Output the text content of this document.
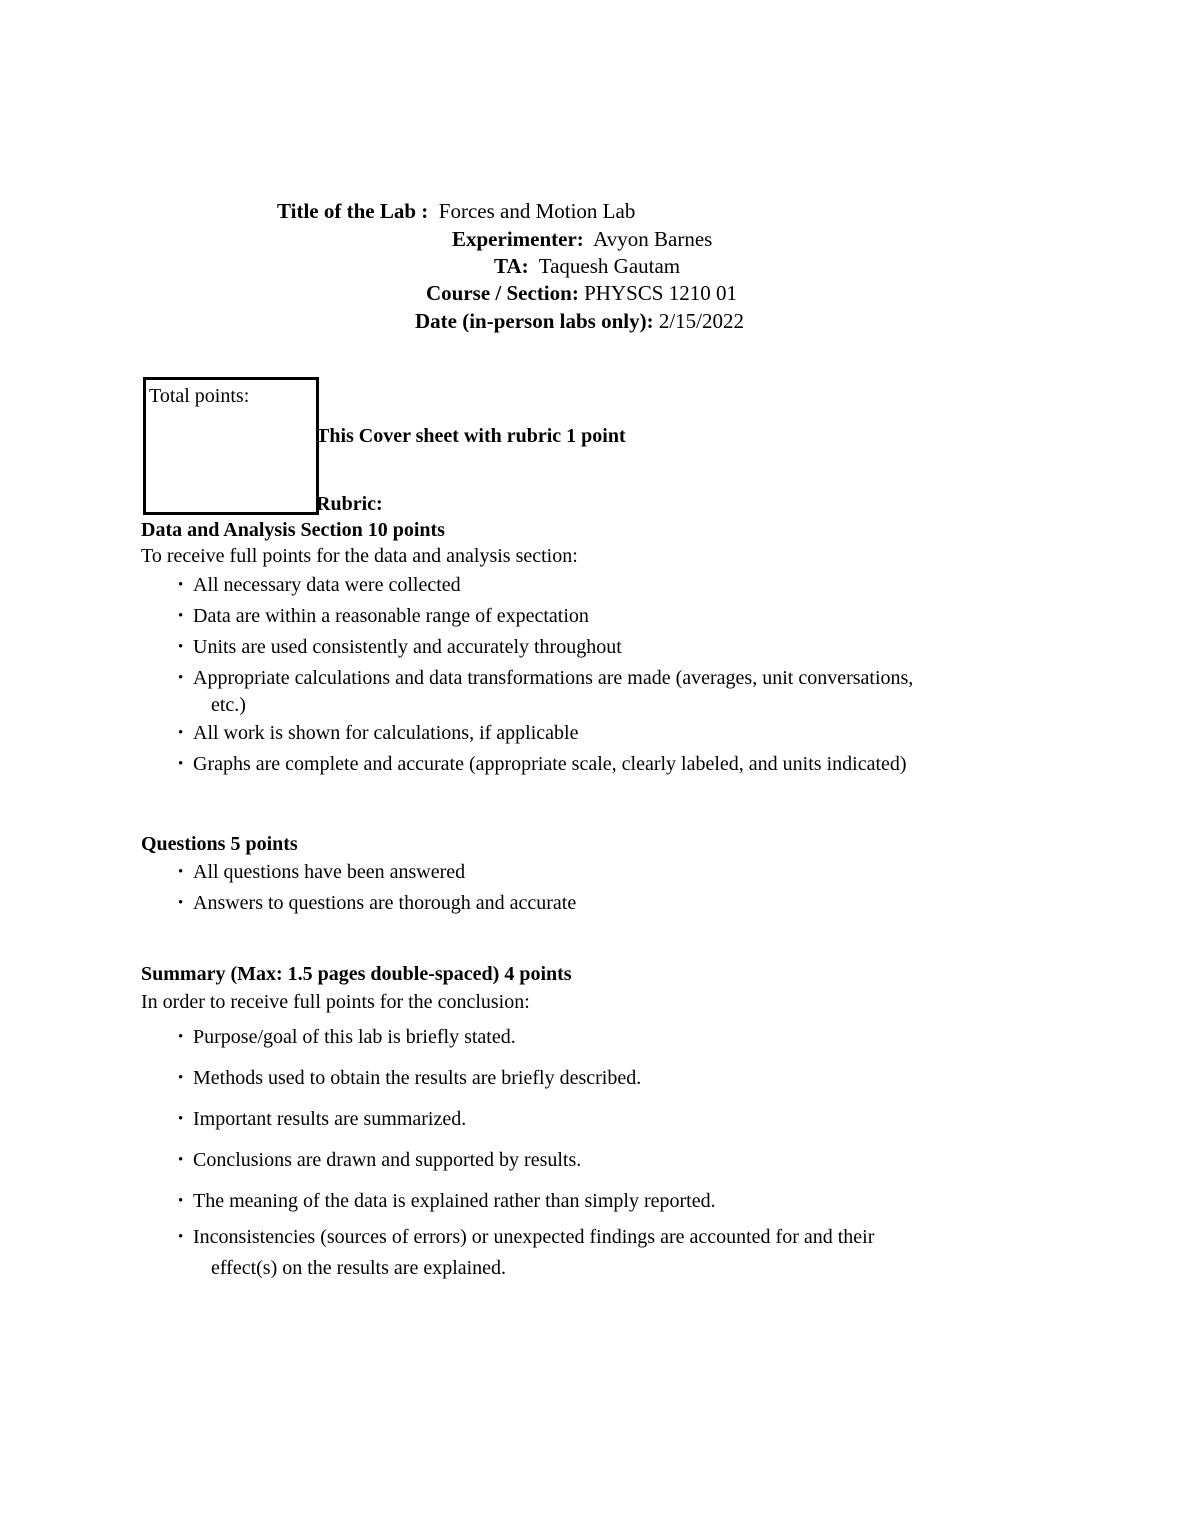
Title of the Lab : Forces and Motion Lab
Experimenter: Avyon Barnes
TA: Taquesh Gautam
Course / Section: PHYSCS 1210 01
Date (in-person labs only): 2/15/2022
Total points:
This Cover sheet with rubric 1 point
Rubric:
Data and Analysis Section 10 points
To receive full points for the data and analysis section:
• All necessary data were collected
• Data are within a reasonable range of expectation
• Units are used consistently and accurately throughout
• Appropriate calculations and data transformations are made (averages, unit conversations,
etc.)
• All work is shown for calculations, if applicable
• Graphs are complete and accurate (appropriate scale, clearly labeled, and units indicated)
Questions 5 points
• All questions have been answered
• Answers to questions are thorough and accurate
Summary (Max: 1.5 pages double-spaced) 4 points
In order to receive full points for the conclusion:
• Purpose/goal of this lab is briefly stated.
• Methods used to obtain the results are briefly described.
• Important results are summarized.
• Conclusions are drawn and supported by results.
• The meaning of the data is explained rather than simply reported.
• Inconsistencies (sources of errors) or unexpected findings are accounted for and their
effect(s) on the results are explained.
